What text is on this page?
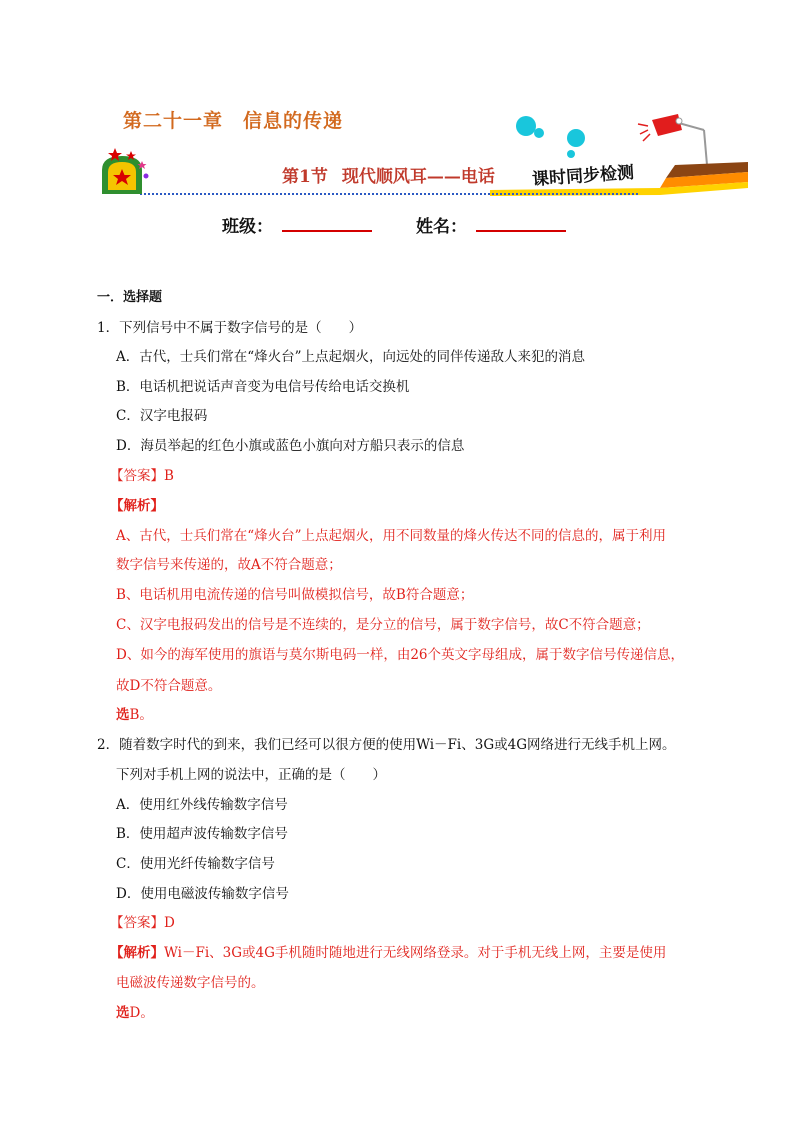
第二十一章 信息的传递
第1节 现代顺风耳——电话 课时同步检测
班级：	姓名：
一．选择题
1．下列信号中不属于数字信号的是（　　）
A．古代，士兵们常在“烽火台”上点起烟火，向远处的同伴传递敌人来犯的消息
B．电话机把说话声音变为电信号传给电话交换机
C．汉字电报码
D．海员举起的红色小旗或蓝色小旗向对方船只表示的信息
【答案】B
【解析】
A、古代，士兵们常在“烽火台”上点起烟火，用不同数量的烽火传达不同的信息的，属于利用
数字信号来传递的，故A不符合题意；
B、电话机用电流传递的信号叫做模拟信号，故B符合题意；
C、汉字电报码发出的信号是不连续的，是分立的信号，属于数字信号，故C不符合题意；
D、如今的海军使用的旗语与莫尔斯电码一样，由26个英文字母组成，属于数字信号传递信息，
故D不符合题意。
选B。
2．随着数字时代的到来，我们已经可以很方便的使用Wi－Fi、3G或4G网络进行无线手机上网。
下列对手机上网的说法中，正确的是（　　）
A．使用红外线传输数字信号
B．使用超声波传输数字信号
C．使用光纤传输数字信号
D．使用电磁波传输数字信号
【答案】D
【解析】Wi－Fi、3G或4G手机随时随地进行无线网络登录。对于手机无线上网，主要是使用
电磁波传递数字信号的。
选D。
